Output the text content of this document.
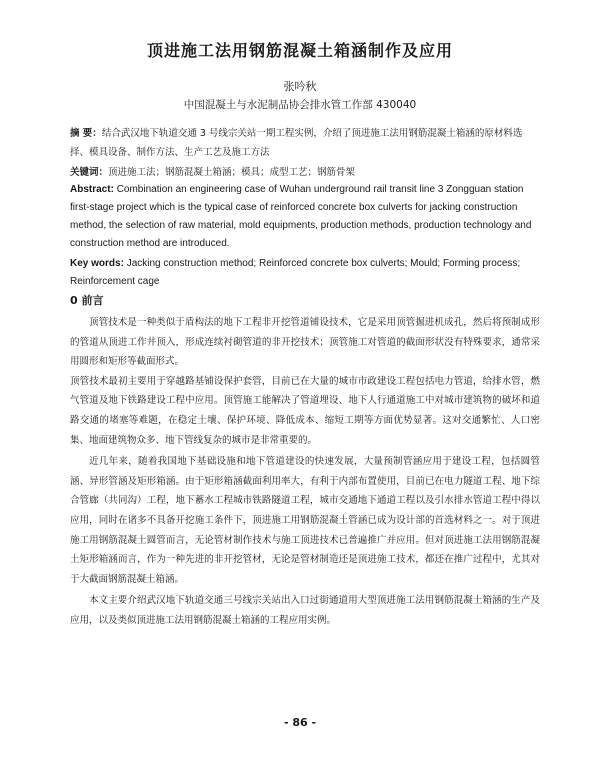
顶进施工法用钢筋混凝土箱涵制作及应用
张吟秋
中国混凝土与水泥制品协会排水管工作部 430040
摘 要：结合武汉地下轨道交通 3 号线宗关站一期工程实例，介绍了顶进施工法用钢筋混凝土箱涵的原材料选择、模具设备、制作方法、生产工艺及施工方法
关键词：顶进施工法；钢筋混凝土箱涵；模具；成型工艺；钢筋骨架
Abstract: Combination an engineering case of Wuhan underground rail transit line 3 Zongguan station first-stage project which is the typical case of reinforced concrete box culverts for jacking construction method, the selection of raw material, mold equipments, production methods, production technology and construction method are introduced.
Key words: Jacking construction method; Reinforced concrete box culverts; Mould; Forming process; Reinforcement cage
0 前言

顶管技术是一种类似于盾构法的地下工程非开挖管道铺设技术，它是采用顶管掘进机成孔，然后将预制成形的管道从顶进工作井顶入，形成连续衬砌管道的非开挖技术；顶管施工对管道的截面形状没有特殊要求，通常采用圆形和矩形等截面形式。

顶管技术最初主要用于穿越路基铺设保护套管，目前已在大量的城市市政建设工程包括电力管道，给排水管，燃气管道及地下铁路建设工程中应用。顶管施工能解决了管道埋设、地下人行通道施工中对城市建筑物的破坏和道路交通的堵塞等难题，在稳定土壤、保护环境、降低成本、缩短工期等方面优势显著。这对交通繁忙、人口密集、地面建筑物众多、地下管线复杂的城市是非常重要的。

近几年来，随着我国地下基础设施和地下管道建设的快速发展，大量预制管涵应用于建设工程，包括圆管涵、异形管涵及矩形箱涵。由于矩形箱涵截面利用率大，有利于内部布置使用，目前已在电力隧道工程、地下综合管廊（共同沟）工程，地下蓄水工程城市铁路隧道工程，城市交通地下通道工程以及引水排水管道工程中得以应用，同时在诸多不具备开挖施工条件下，顶进施工用钢筋混凝土管涵已成为设计部的首选材料之一。对于顶进施工用钢筋混凝土圆管而言，无论管材制作技术与施工顶进技术已普遍推广并应用。但对顶进施工法用钢筋混凝土矩形箱涵而言，作为一种先进的非开挖管材，无论是管材制造还是顶进施工技术，都还在推广过程中，尤其对于大截面钢筋混凝土箱涵。

本文主要介绍武汉地下轨道交通三号线宗关站出入口过街通道用大型顶进施工法用钢筋混凝土箱涵的生产及应用，以及类似顶进施工法用钢筋混凝土箱涵的工程应用实例。

- 86 -
